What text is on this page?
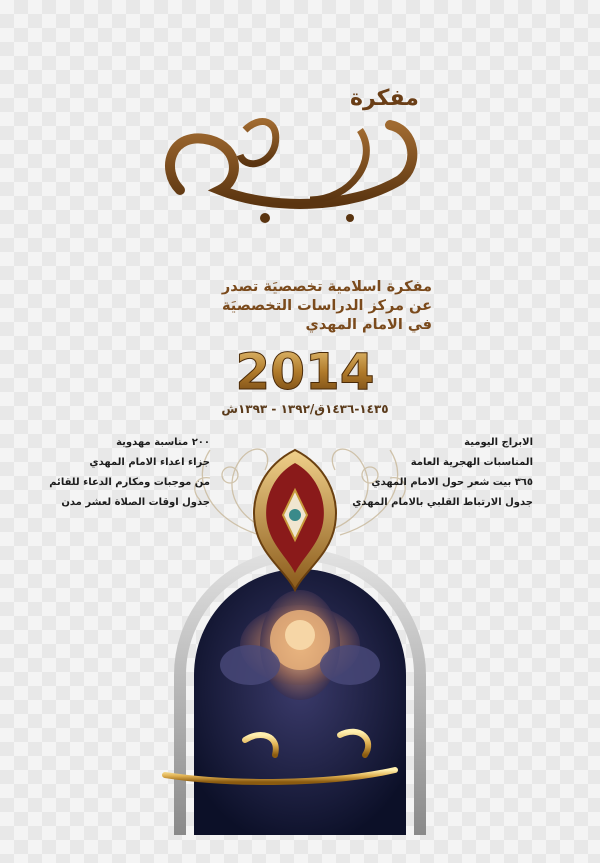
مفكرة
مفكرة اسلامية تخصصيَة تصدر
عن مركز الدراسات التخصصيَة
في الامام المهدي
2014
١٤٣٥-١٤٣٦ق/١٣٩٢ - ١٣٩٣ش
٢٠٠ مناسبة مهدوية
جزاء اعداء الامام المهدي
من موجبات ومكارم الدعاء للقائم
جدول اوقات الصلاة لعشر مدن
الابراج اليومية
المناسبات الهجرية العامة
٣٦٥ بيت شعر حول الامام المهدي
جدول الارتباط القلبي بالامام المهدي
